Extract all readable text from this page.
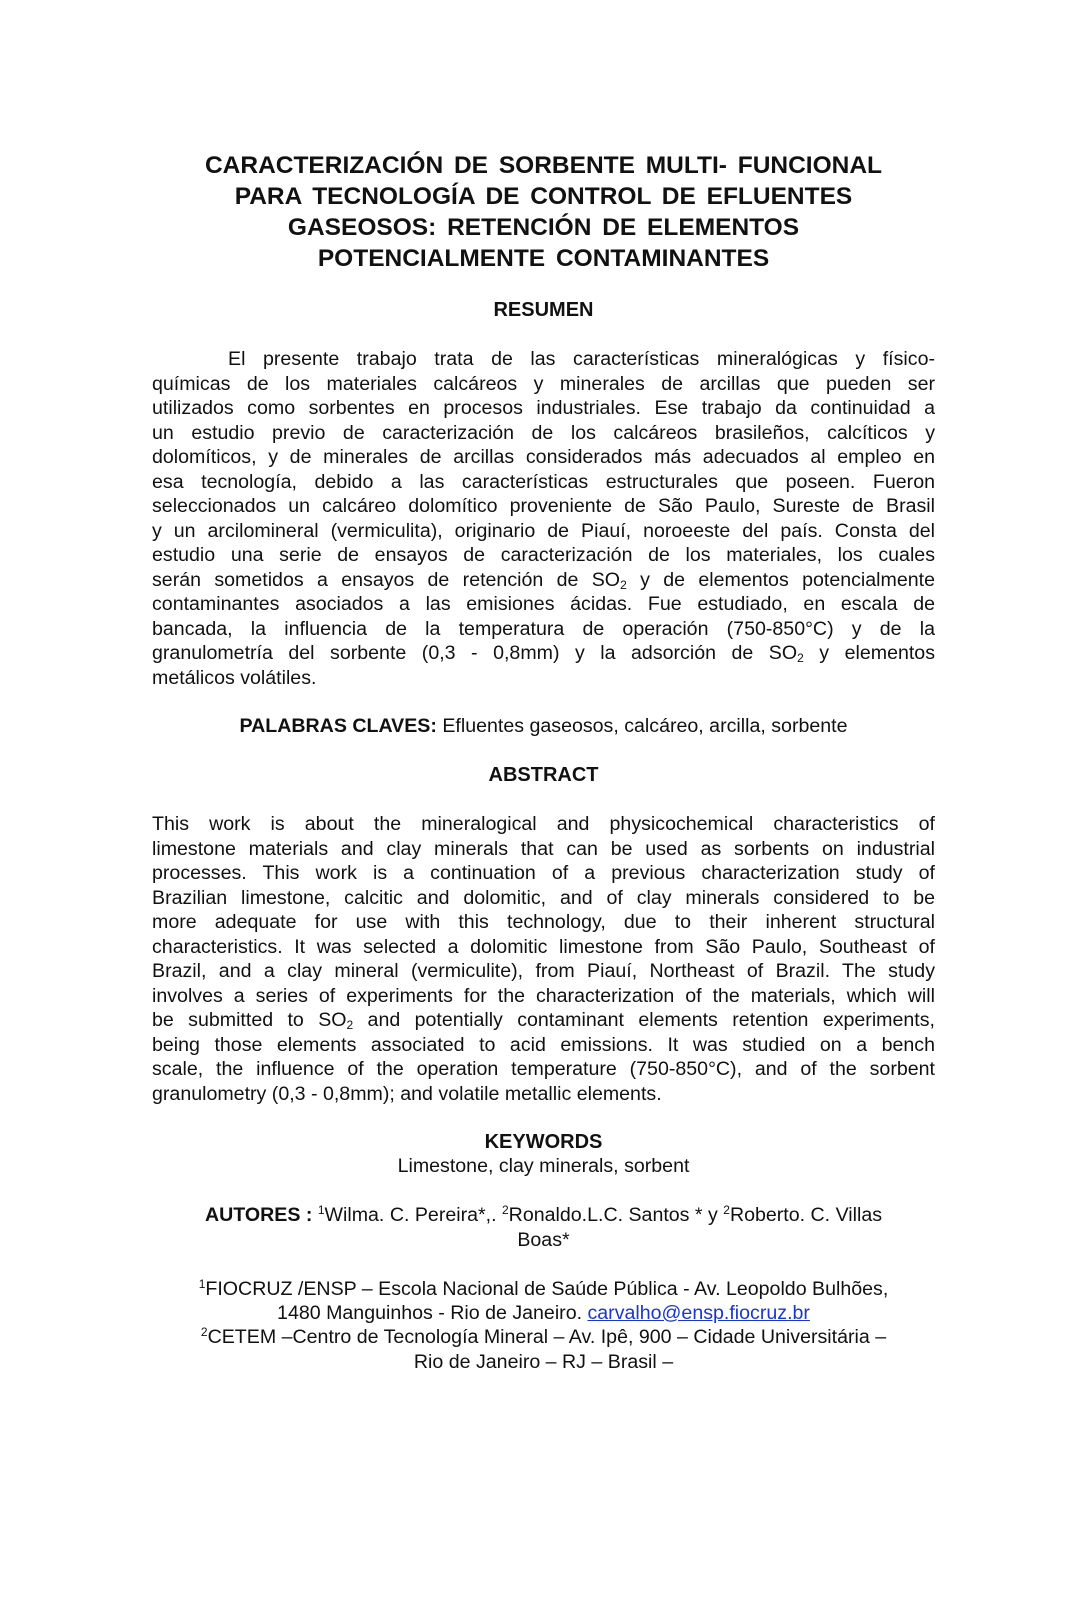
CARACTERIZACIÓN DE SORBENTE MULTI- FUNCIONAL
PARA TECNOLOGÍA DE CONTROL DE EFLUENTES
GASEOSOS: RETENCIÓN DE ELEMENTOS
POTENCIALMENTE CONTAMINANTES
RESUMEN
El presente trabajo trata de las características mineralógicas y físico-
químicas de los materiales calcáreos y minerales de arcillas que pueden ser
utilizados como sorbentes en procesos industriales. Ese trabajo da continuidad a
un estudio previo de caracterización de los calcáreos brasileños, calcíticos y
dolomíticos, y de minerales de arcillas considerados más adecuados al empleo en
esa tecnología, debido a las características estructurales que poseen. Fueron
seleccionados un calcáreo dolomítico proveniente de São Paulo, Sureste de Brasil
y un arcilomineral (vermiculita), originario de Piauí, noroeeste del país. Consta del
estudio una serie de ensayos de caracterización de los materiales, los cuales
serán sometidos a ensayos de retención de $SO_2$ y de elementos potencialmente
contaminantes asociados a las emisiones ácidas. Fue estudiado, en escala de
bancada, la influencia de la temperatura de operación (750-850°C) y de la
granulometría del sorbente (0,3 - 0,8mm) y la adsorción de $SO_2$ y elementos
metálicos volátiles.
PALABRAS CLAVES: Efluentes gaseosos, calcáreo, arcilla, sorbente
ABSTRACT
This work is about the mineralogical and physicochemical characteristics of
limestone materials and clay minerals that can be used as sorbents on industrial
processes. This work is a continuation of a previous characterization study of
Brazilian limestone, calcitic and dolomitic, and of clay minerals considered to be
more adequate for use with this technology, due to their inherent structural
characteristics. It was selected a dolomitic limestone from São Paulo, Southeast of
Brazil, and a clay mineral (vermiculite), from Piauí, Northeast of Brazil. The study
involves a series of experiments for the characterization of the materials, which will
be submitted to $SO_2$ and potentially contaminant elements retention experiments,
being those elements associated to acid emissions. It was studied on a bench
scale, the influence of the operation temperature (750-850°C), and of the sorbent
granulometry (0,3 - 0,8mm); and volatile metallic elements.
KEYWORDS
Limestone, clay minerals, sorbent
AUTORES : $^1$Wilma. C. Pereira*,. $^2$Ronaldo.L.C. Santos * y $^2$Roberto. C. Villas
Boas*
$^1$FIOCRUZ /ENSP – Escola Nacional de Saúde Pública - Av. Leopoldo Bulhões,
1480 Manguinhos - Rio de Janeiro. carvalho@ensp.fiocruz.br
$^2$CETEM –Centro de Tecnología Mineral – Av. Ipê, 900 – Cidade Universitária –
Rio de Janeiro – RJ – Brasil –
